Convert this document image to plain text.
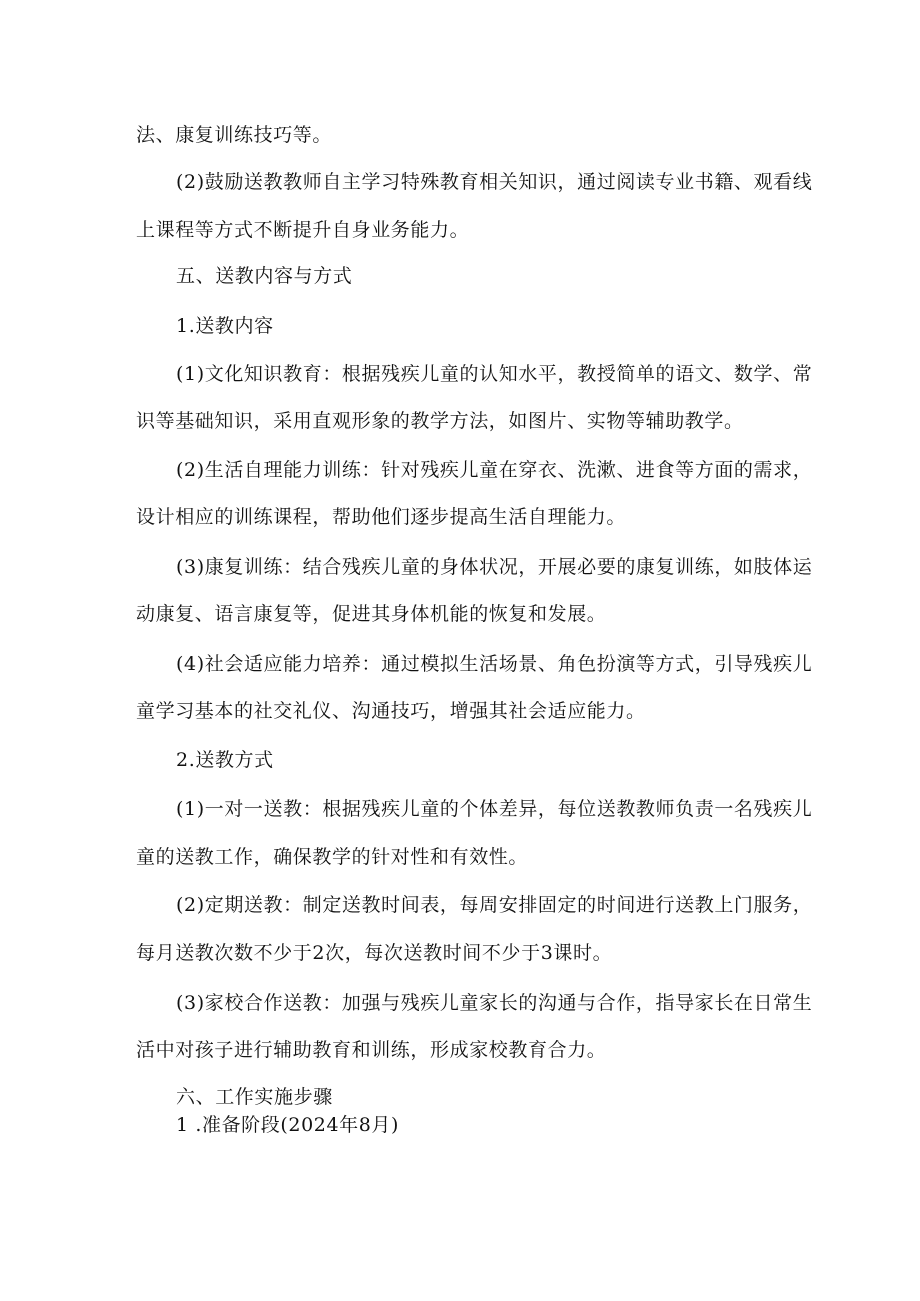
法、康复训练技巧等。
(2)鼓励送教教师自主学习特殊教育相关知识，通过阅读专业书籍、观看线
上课程等方式不断提升自身业务能力。
五、送教内容与方式
1.送教内容
(1)文化知识教育：根据残疾儿童的认知水平，教授简单的语文、数学、常
识等基础知识，采用直观形象的教学方法，如图片、实物等辅助教学。
(2)生活自理能力训练：针对残疾儿童在穿衣、洗漱、进食等方面的需求，
设计相应的训练课程，帮助他们逐步提高生活自理能力。
(3)康复训练：结合残疾儿童的身体状况，开展必要的康复训练，如肢体运
动康复、语言康复等，促进其身体机能的恢复和发展。
(4)社会适应能力培养：通过模拟生活场景、角色扮演等方式，引导残疾儿
童学习基本的社交礼仪、沟通技巧，增强其社会适应能力。
2.送教方式
(1)一对一送教：根据残疾儿童的个体差异，每位送教教师负责一名残疾儿
童的送教工作，确保教学的针对性和有效性。
(2)定期送教：制定送教时间表，每周安排固定的时间进行送教上门服务，
每月送教次数不少于2次，每次送教时间不少于3课时。
(3)家校合作送教：加强与残疾儿童家长的沟通与合作，指导家长在日常生
活中对孩子进行辅助教育和训练，形成家校教育合力。
六、工作实施步骤
1 .准备阶段(2024年8月)
